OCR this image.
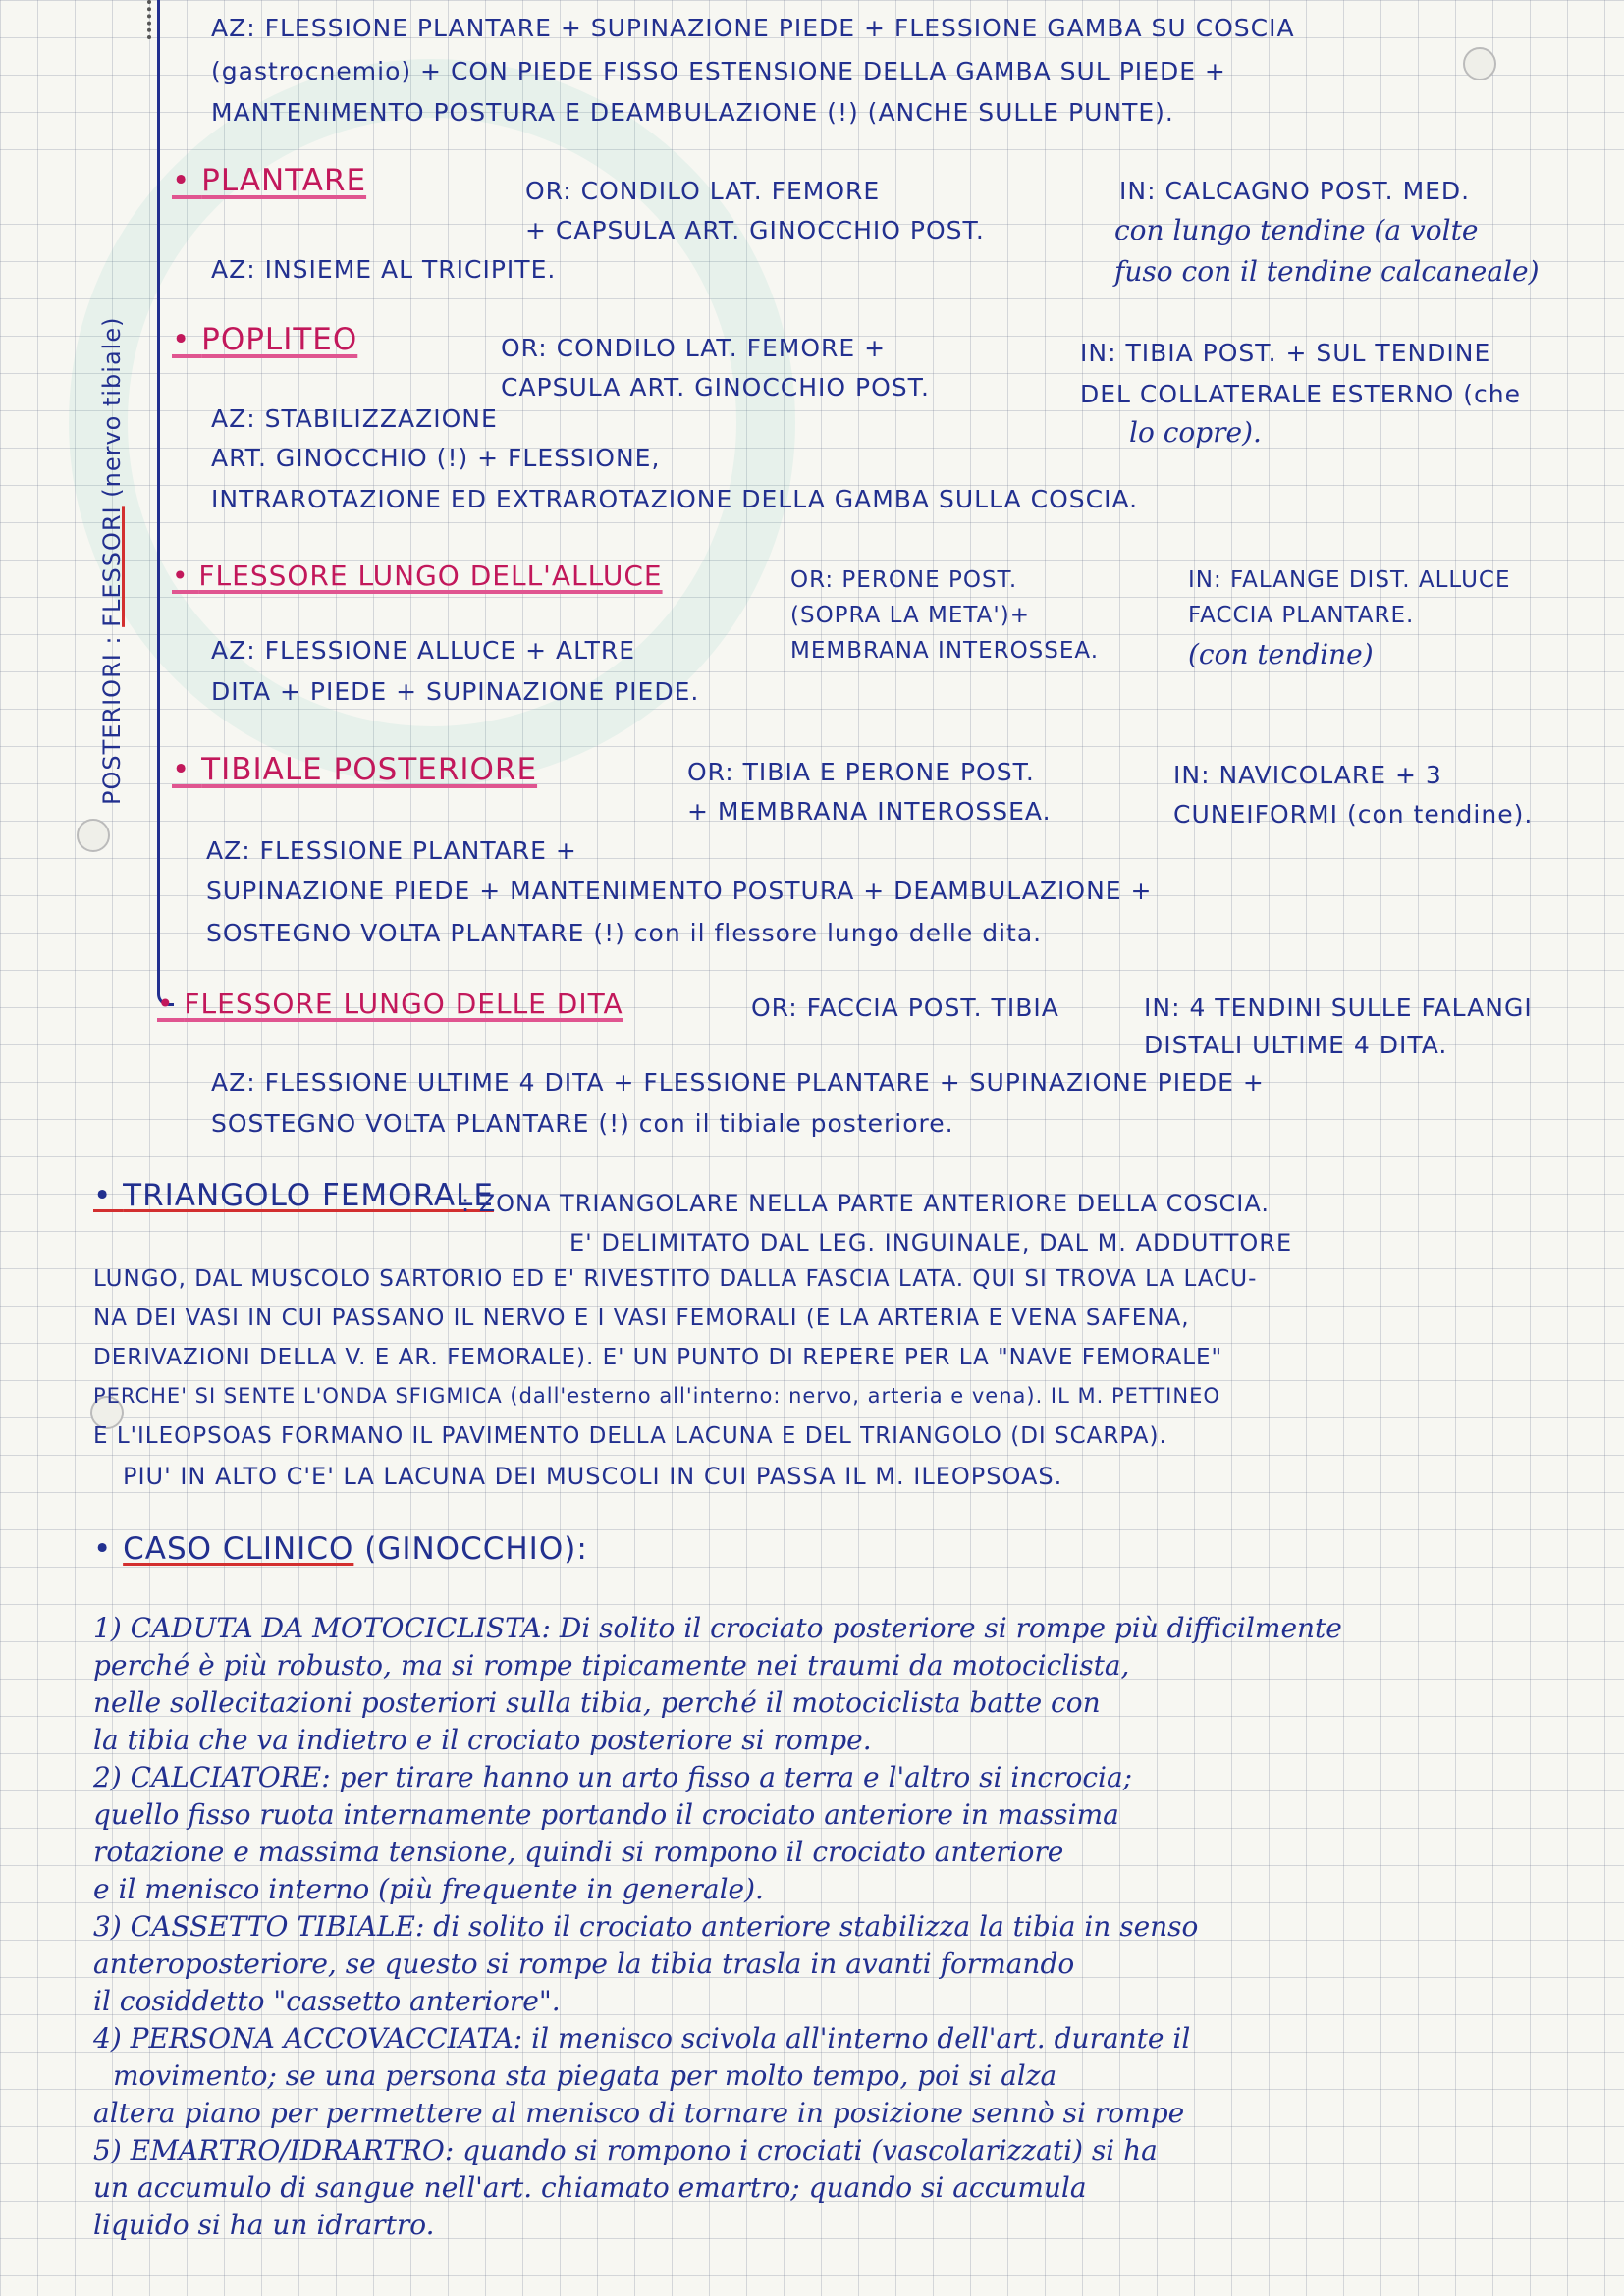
POSTERIORI : FLESSORI (nervo tibiale)
AZ: FLESSIONE PLANTARE + SUPINAZIONE PIEDE + FLESSIONE GAMBA SU COSCIA
(gastrocnemio) + CON PIEDE FISSO ESTENSIONE DELLA GAMBA SUL PIEDE +
MANTENIMENTO POSTURA E DEAMBULAZIONE (!) (ANCHE SULLE PUNTE).
• PLANTARE	OR: CONDILO LAT. FEMORE
+ CAPSULA ART. GINOCCHIO POST.
IN: CALCAGNO POST. MED.
con lungo tendine (a volte
fuso con il tendine calcaneale)
AZ: INSIEME AL TRICIPITE.
• POPLITEO	OR: CONDILO LAT. FEMORE +
CAPSULA ART. GINOCCHIO POST.
IN: TIBIA POST. + SUL TENDINE
DEL COLLATERALE ESTERNO (che
lo copre).
AZ: STABILIZZAZIONE
ART. GINOCCHIO (!) + FLESSIONE,
INTRAROTAZIONE ED EXTRAROTAZIONE DELLA GAMBA SULLA COSCIA.
• FLESSORE LUNGO DELL'ALLUCE	OR: PERONE POST.
(SOPRA LA META')+
MEMBRANA INTEROSSEA.
IN: FALANGE DIST. ALLUCE
FACCIA PLANTARE.
(con tendine)
AZ: FLESSIONE ALLUCE + ALTRE
DITA + PIEDE + SUPINAZIONE PIEDE.
• TIBIALE POSTERIORE	OR: TIBIA E PERONE POST.
+ MEMBRANA INTEROSSEA.
IN: NAVICOLARE + 3
CUNEIFORMI (con tendine).
AZ: FLESSIONE PLANTARE +
SUPINAZIONE PIEDE + MANTENIMENTO POSTURA + DEAMBULAZIONE +
SOSTEGNO VOLTA PLANTARE (!) con il flessore lungo delle dita.
• FLESSORE LUNGO DELLE DITA	OR: FACCIA POST. TIBIA	IN: 4 TENDINI SULLE FALANGI
DISTALI ULTIME 4 DITA.
AZ: FLESSIONE ULTIME 4 DITA + FLESSIONE PLANTARE + SUPINAZIONE PIEDE +
SOSTEGNO VOLTA PLANTARE (!) con il tibiale posteriore.
• TRIANGOLO FEMORALE
: ZONA TRIANGOLARE NELLA PARTE ANTERIORE DELLA COSCIA.
E' DELIMITATO DAL LEG. INGUINALE, DAL M. ADDUTTORE
LUNGO, DAL MUSCOLO SARTORIO ED E' RIVESTITO DALLA FASCIA LATA. QUI SI TROVA LA LACU-
NA DEI VASI IN CUI PASSANO IL NERVO E I VASI FEMORALI (E LA ARTERIA E VENA SAFENA,
DERIVAZIONI DELLA V. E AR. FEMORALE). E' UN PUNTO DI REPERE PER LA "NAVE FEMORALE"
PERCHE' SI SENTE L'ONDA SFIGMICA (dall'esterno all'interno: nervo, arteria e vena). IL M. PETTINEO
E L'ILEOPSOAS FORMANO IL PAVIMENTO DELLA LACUNA E DEL TRIANGOLO (DI SCARPA).
PIU' IN ALTO C'E' LA LACUNA DEI MUSCOLI IN CUI PASSA IL M. ILEOPSOAS.
• CASO CLINICO (GINOCCHIO):
1) CADUTA DA MOTOCICLISTA: Di solito il crociato posteriore si rompe più difficilmente
perché è più robusto, ma si rompe tipicamente nei traumi da motociclista,
nelle sollecitazioni posteriori sulla tibia, perché il motociclista batte con
la tibia che va indietro e il crociato posteriore si rompe.
2) CALCIATORE: per tirare hanno un arto fisso a terra e l'altro si incrocia;
quello fisso ruota internamente portando il crociato anteriore in massima
rotazione e massima tensione, quindi si rompono il crociato anteriore
e il menisco interno (più frequente in generale).
3) CASSETTO TIBIALE: di solito il crociato anteriore stabilizza la tibia in senso
anteroposteriore, se questo si rompe la tibia trasla in avanti formando
il cosiddetto "cassetto anteriore".
4) PERSONA ACCOVACCIATA: il menisco scivola all'interno dell'art. durante il
movimento; se una persona sta piegata per molto tempo, poi si alza
altera piano per permettere al menisco di tornare in posizione sennò si rompe
5) EMARTRO/IDRARTRO: quando si rompono i crociati (vascolarizzati) si ha
un accumulo di sangue nell'art. chiamato emartro; quando si accumula
liquido si ha un idrartro.
